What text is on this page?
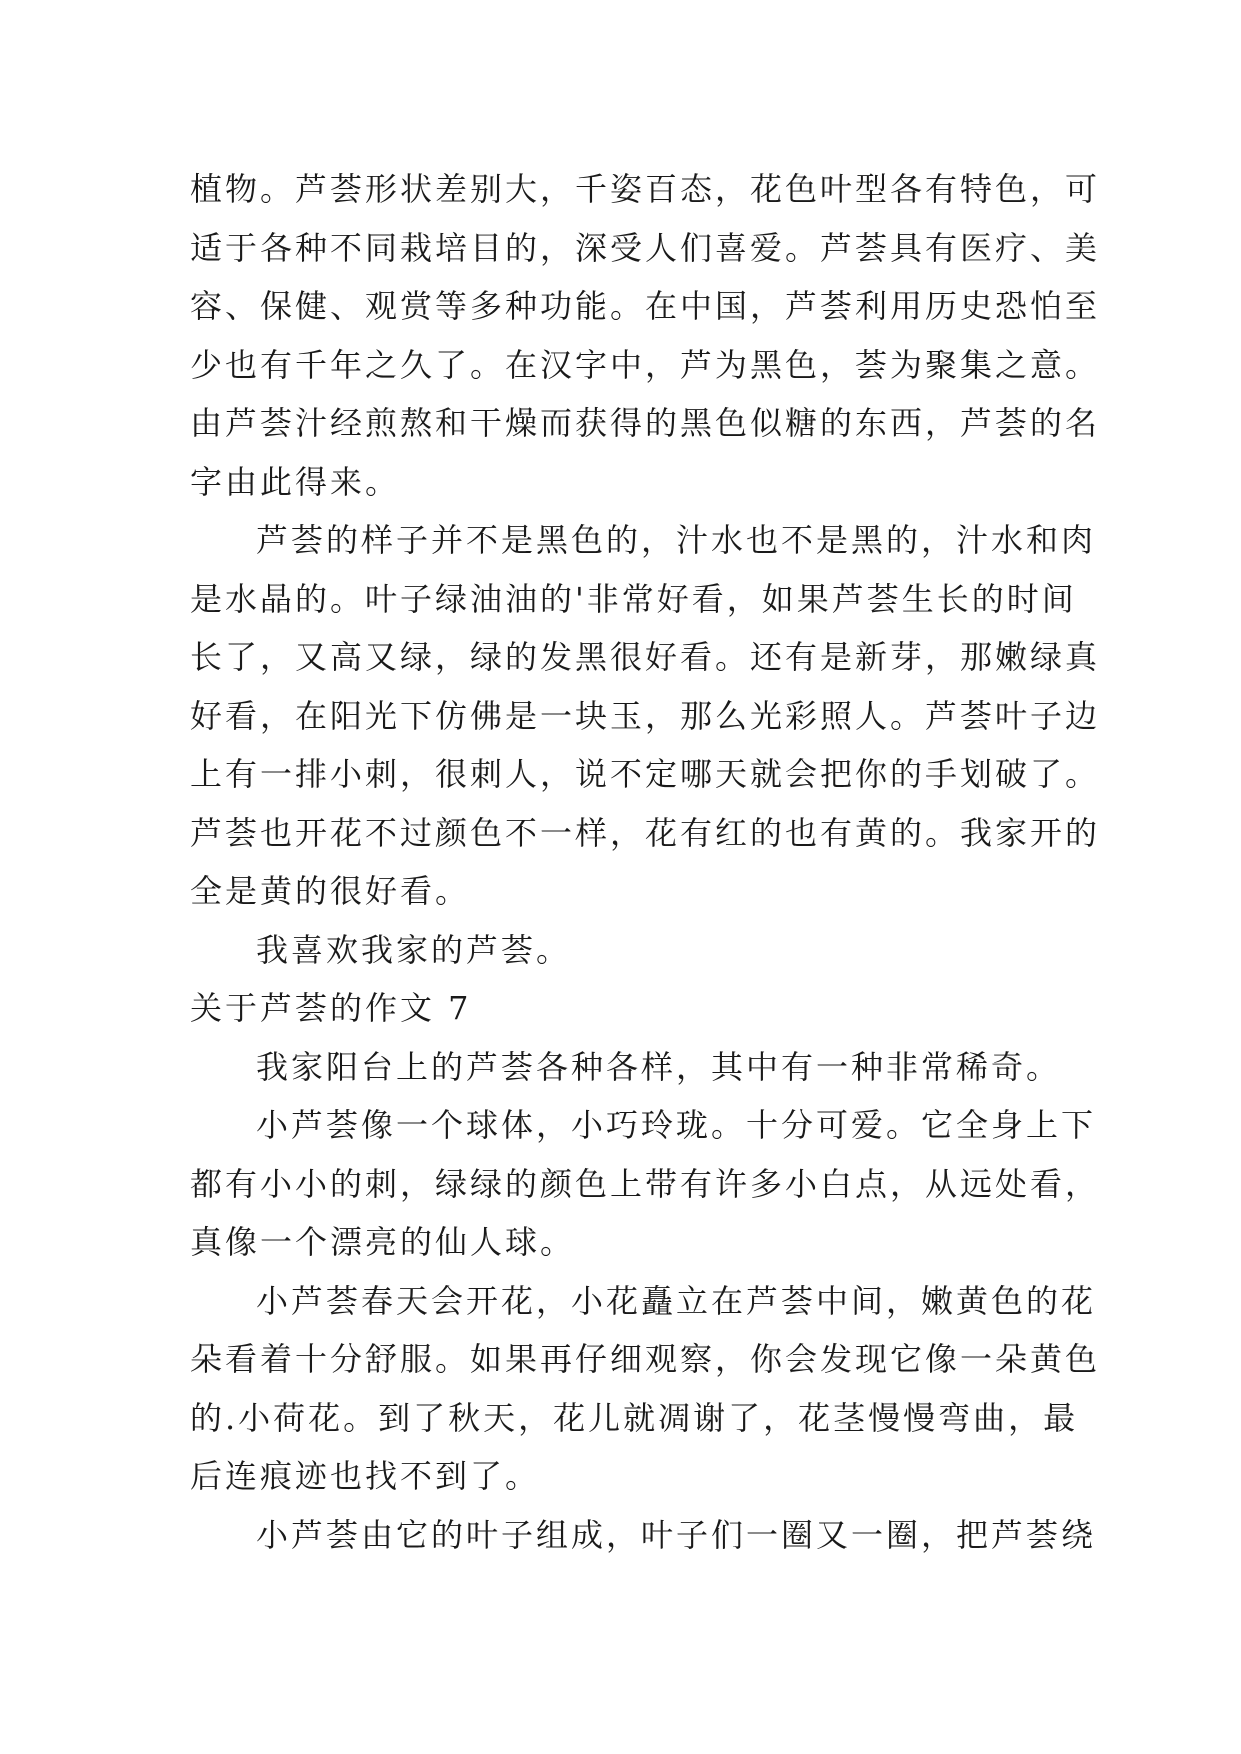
植物。芦荟形状差别大，千姿百态，花色叶型各有特色，可
适于各种不同栽培目的，深受人们喜爱。芦荟具有医疗、美
容、保健、观赏等多种功能。在中国，芦荟利用历史恐怕至
少也有千年之久了。在汉字中，芦为黑色，荟为聚集之意。
由芦荟汁经煎熬和干燥而获得的黑色似糖的东西，芦荟的名
字由此得来。
芦荟的样子并不是黑色的，汁水也不是黑的，汁水和肉
是水晶的。叶子绿油油的'非常好看，如果芦荟生长的时间
长了，又高又绿，绿的发黑很好看。还有是新芽，那嫩绿真
好看，在阳光下仿佛是一块玉，那么光彩照人。芦荟叶子边
上有一排小刺，很刺人，说不定哪天就会把你的手划破了。
芦荟也开花不过颜色不一样，花有红的也有黄的。我家开的
全是黄的很好看。
我喜欢我家的芦荟。
关于芦荟的作文 7
我家阳台上的芦荟各种各样，其中有一种非常稀奇。
小芦荟像一个球体，小巧玲珑。十分可爱。它全身上下
都有小小的刺，绿绿的颜色上带有许多小白点，从远处看，
真像一个漂亮的仙人球。
小芦荟春天会开花，小花矗立在芦荟中间，嫩黄色的花
朵看着十分舒服。如果再仔细观察，你会发现它像一朵黄色
的.小荷花。到了秋天，花儿就凋谢了，花茎慢慢弯曲，最
后连痕迹也找不到了。
小芦荟由它的叶子组成，叶子们一圈又一圈，把芦荟绕
